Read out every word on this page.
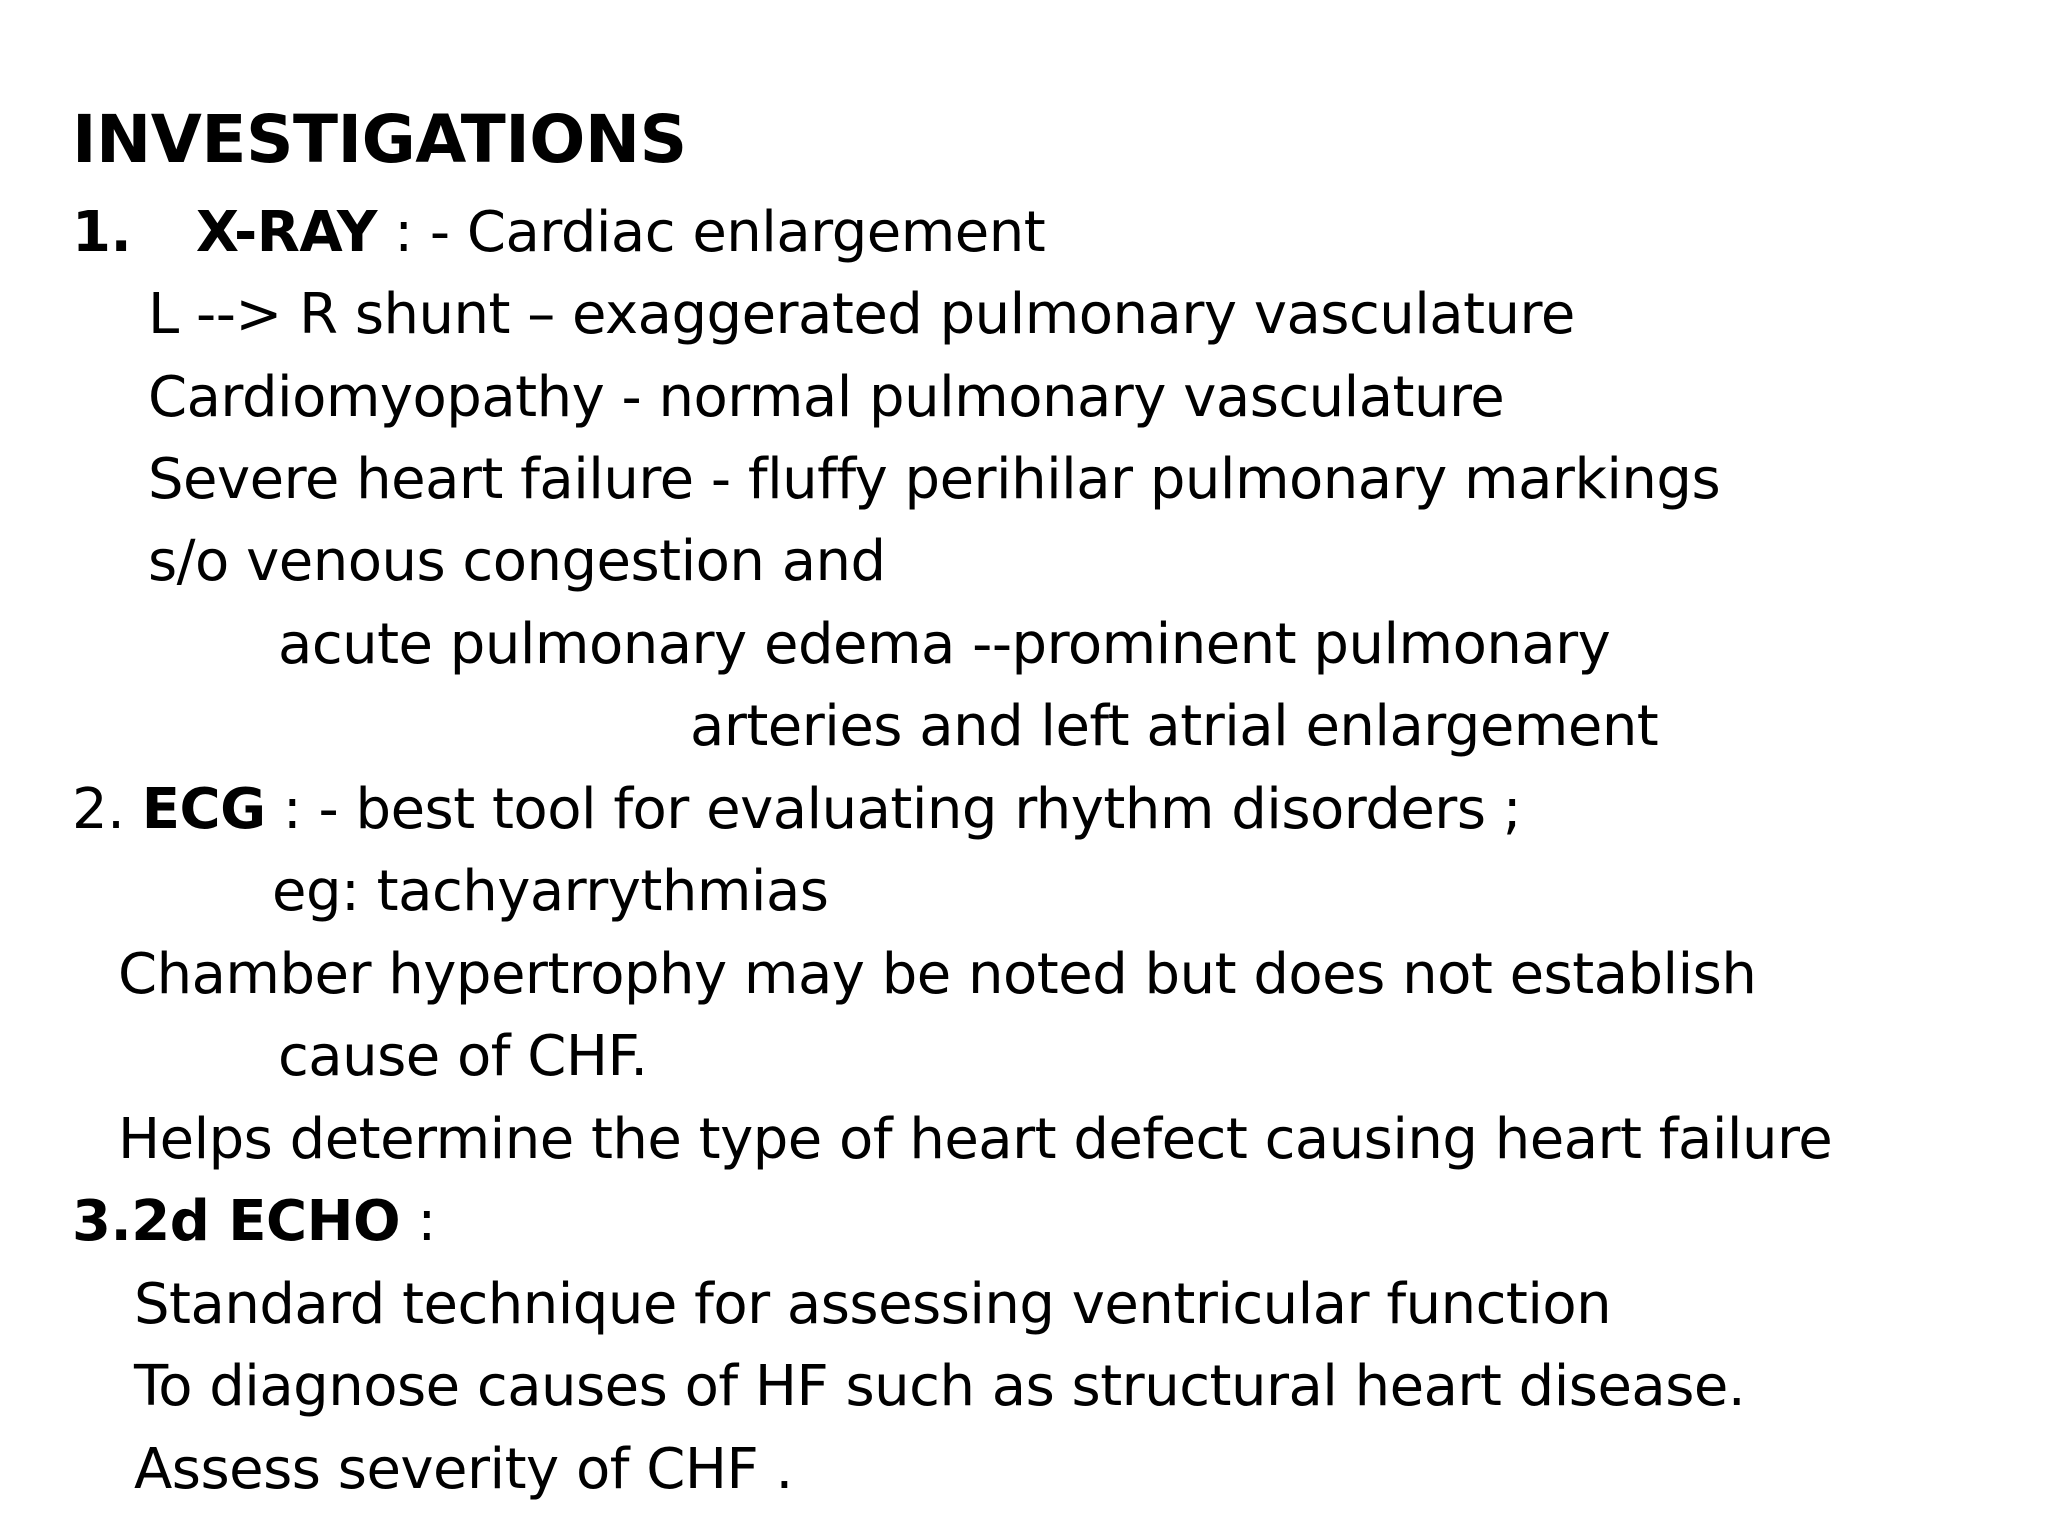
INVESTIGATIONS
1. X-RAY : - Cardiac enlargement
L --> R shunt – exaggerated pulmonary vasculature
Cardiomyopathy - normal pulmonary vasculature
Severe heart failure - fluffy perihilar pulmonary markings
s/o venous congestion and
acute pulmonary edema --prominent pulmonary
arteries and left atrial enlargement
2. ECG : - best tool for evaluating rhythm disorders ;
eg: tachyarrythmias
Chamber hypertrophy may be noted but does not establish
cause of CHF.
Helps determine the type of heart defect causing heart failure
3.2d ECHO :
Standard technique for assessing ventricular function
To diagnose causes of HF such as structural heart disease.
Assess severity of CHF .
